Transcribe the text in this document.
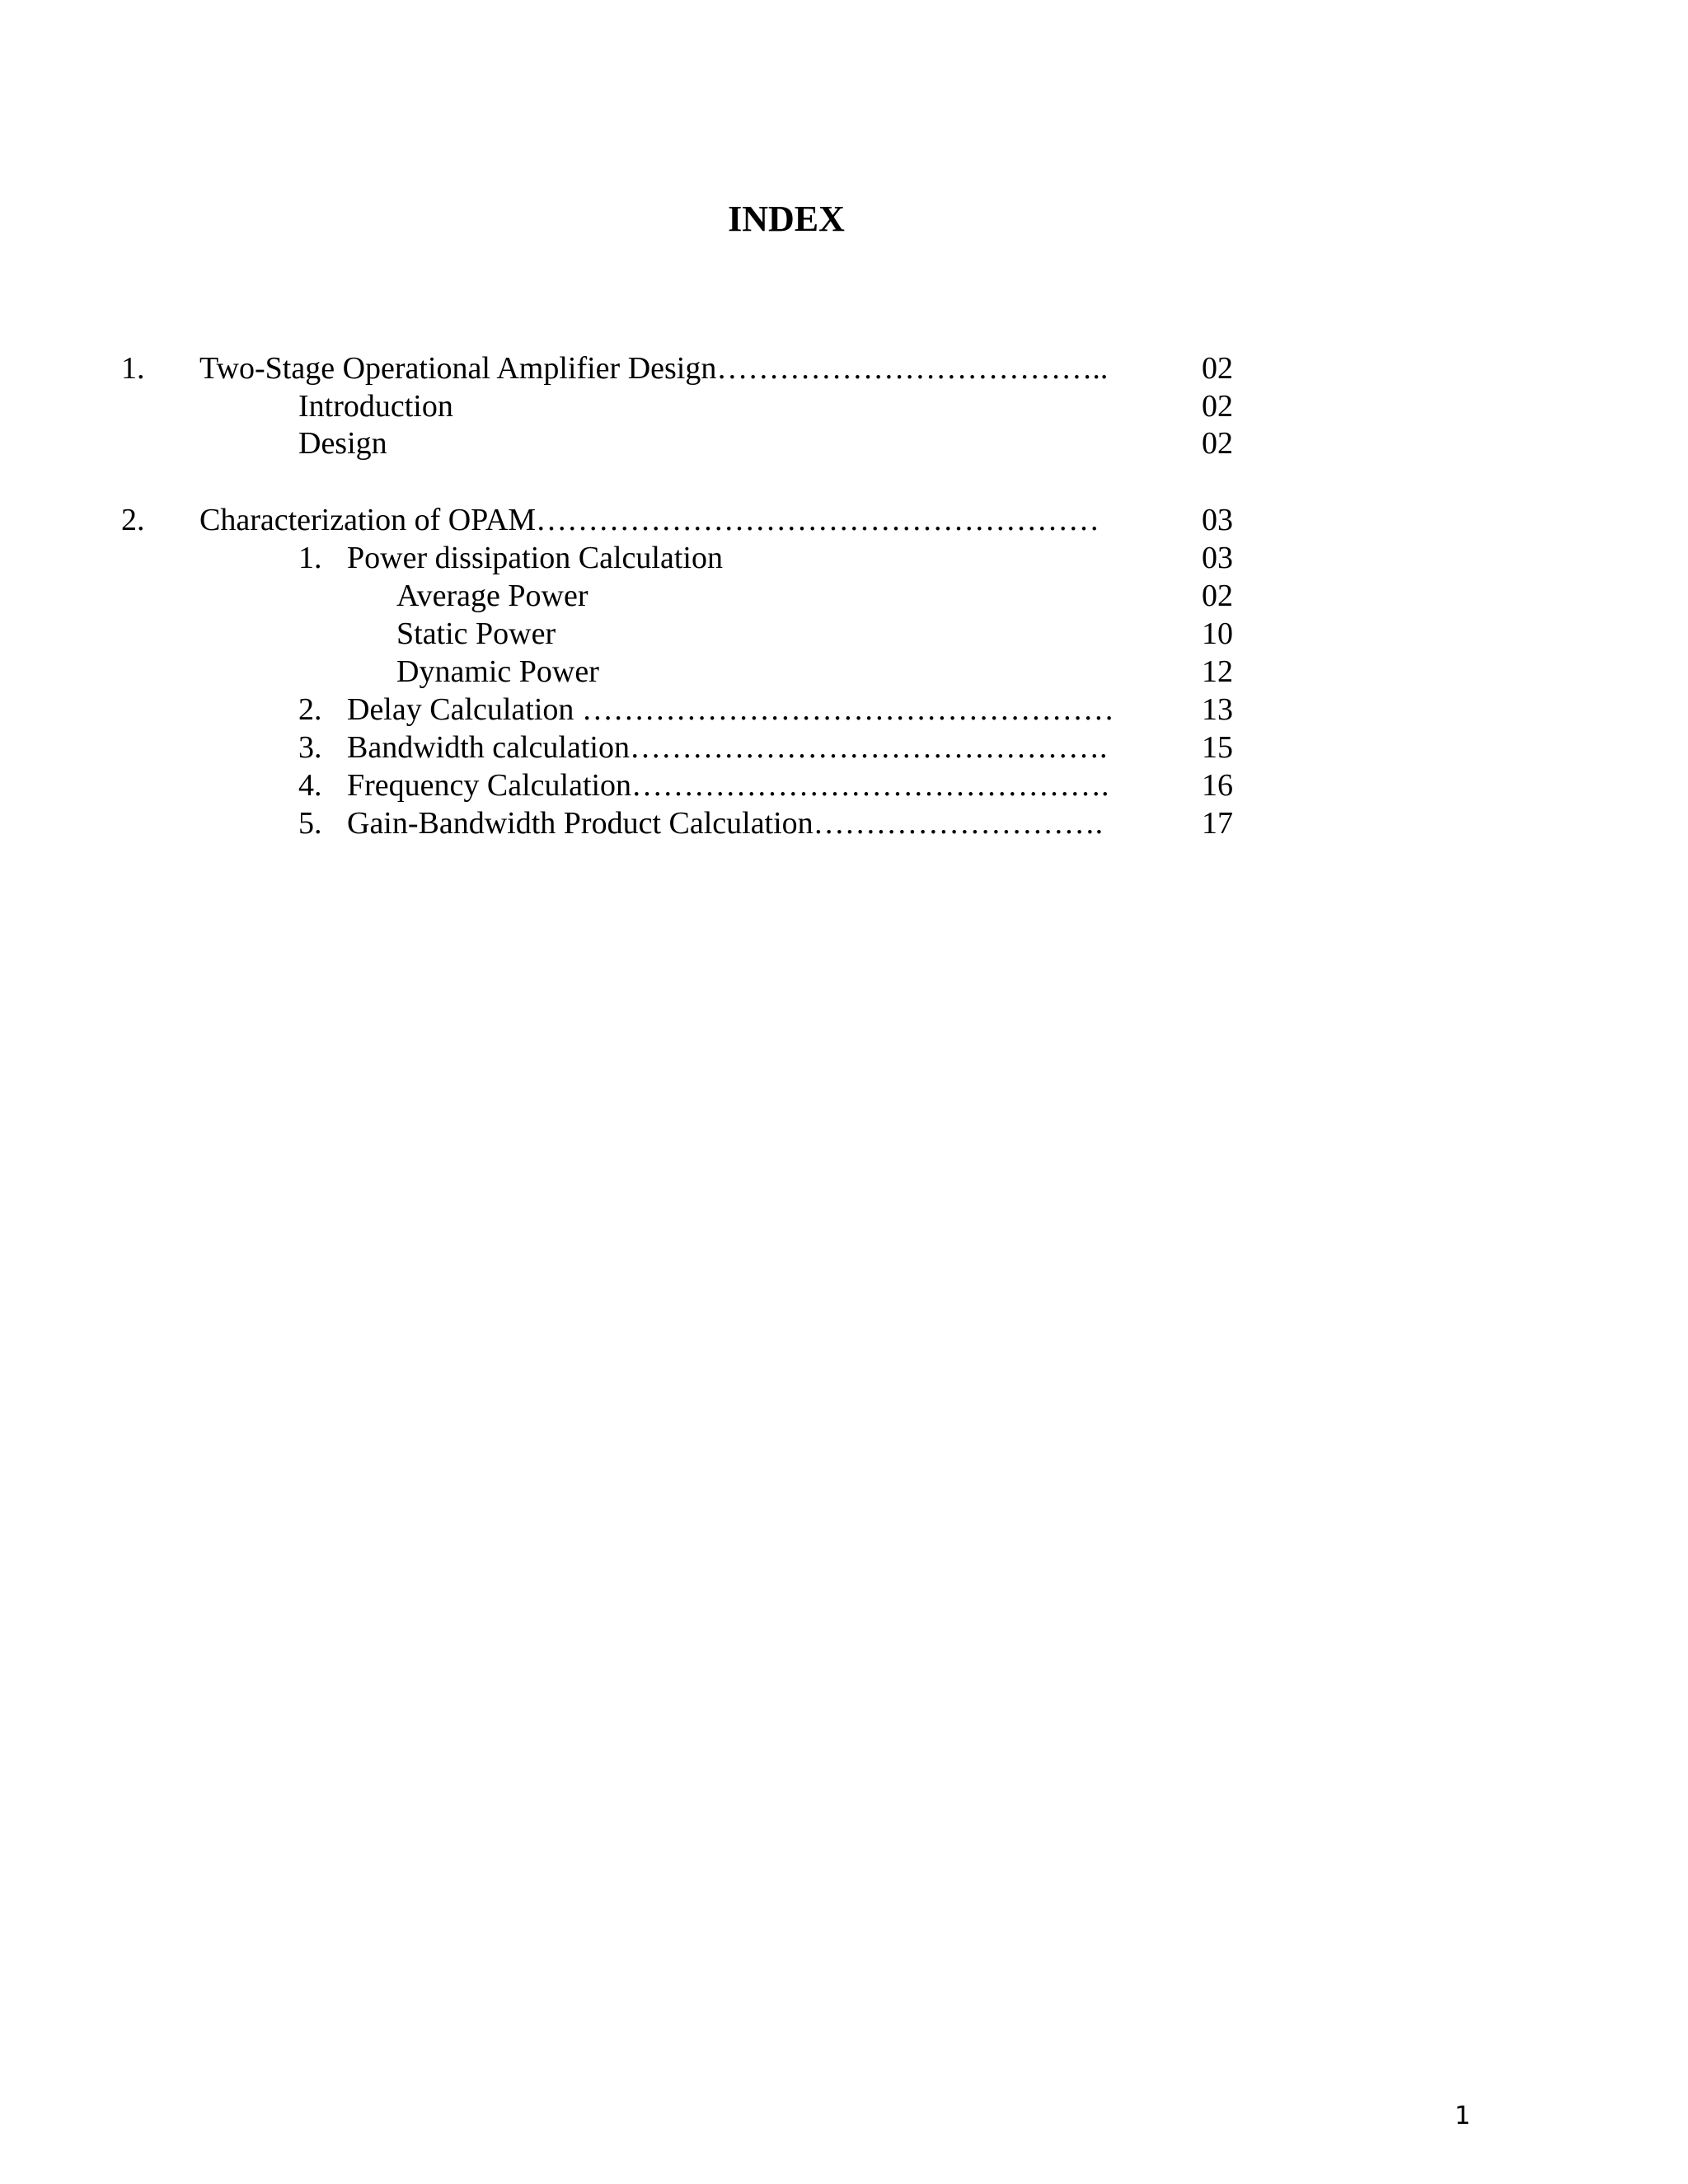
INDEX
1. Two-Stage Operational Amplifier Design………………………………..	02
Introduction	02
Design	02
2. Characterization of OPAM………………………………………………	03
1. Power dissipation Calculation	03
Average Power	02
Static Power	10
Dynamic Power	12
2. Delay Calculation ……………………………………………	13
3. Bandwidth calculation……………………………………….	15
4. Frequency Calculation……………………………………….	16
5. Gain-Bandwidth Product Calculation……………………….	17
1
